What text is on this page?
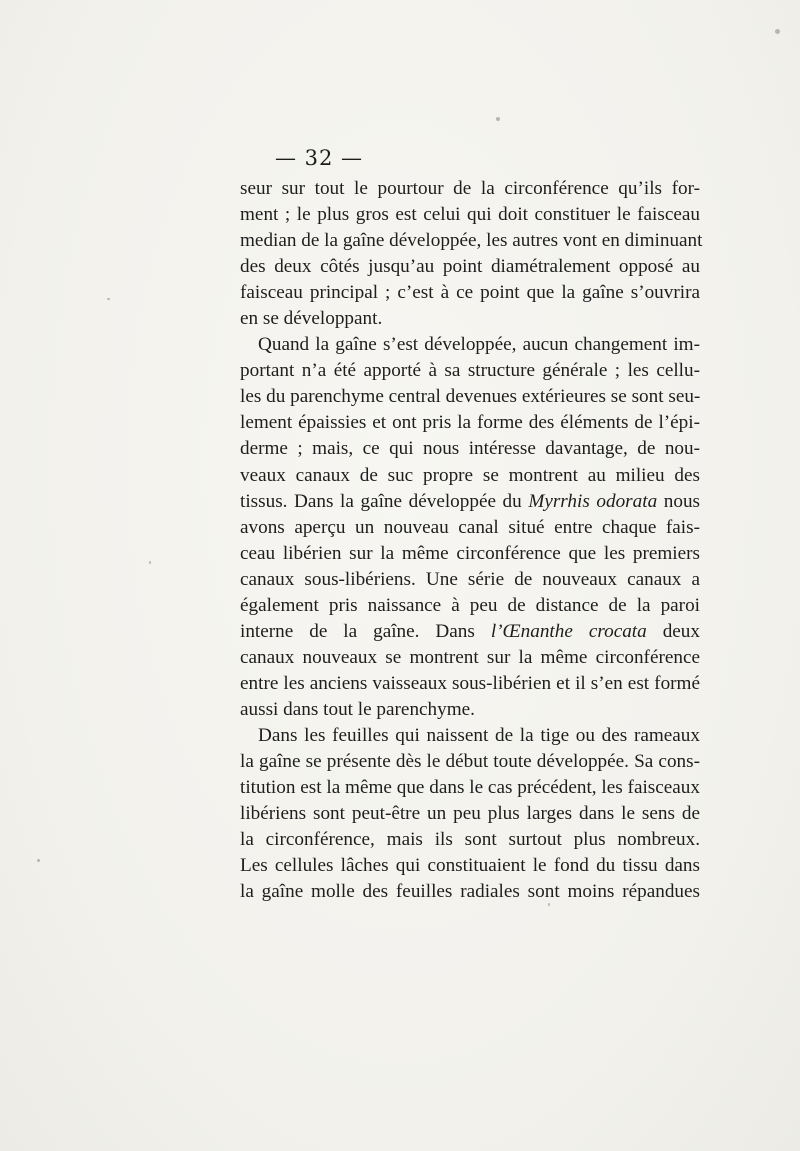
— 32 —
seur sur tout le pourtour de la circonférence qu’ils for-
ment ; le plus gros est celui qui doit constituer le faisceau
median de la gaîne développée, les autres vont en diminuant
des deux côtés jusqu’au point diamétralement opposé au
faisceau principal ; c’est à ce point que la gaîne s’ouvrira
en se développant.
Quand la gaîne s’est développée, aucun changement im-
portant n’a été apporté à sa structure générale ; les cellu-
les du parenchyme central devenues extérieures se sont seu-
lement épaissies et ont pris la forme des éléments de l’épi-
derme ; mais, ce qui nous intéresse davantage, de nou-
veaux canaux de suc propre se montrent au milieu des
tissus. Dans la gaîne développée du Myrrhis odorata nous
avons aperçu un nouveau canal situé entre chaque fais-
ceau libérien sur la même circonférence que les premiers
canaux sous-libériens. Une série de nouveaux canaux a
également pris naissance à peu de distance de la paroi
interne de la gaîne. Dans l’Œnanthe crocata deux
canaux nouveaux se montrent sur la même circonférence
entre les anciens vaisseaux sous-libérien et il s’en est formé
aussi dans tout le parenchyme.
Dans les feuilles qui naissent de la tige ou des rameaux
la gaîne se présente dès le début toute développée. Sa cons-
titution est la même que dans le cas précédent, les faisceaux
libériens sont peut-être un peu plus larges dans le sens de
la circonférence, mais ils sont surtout plus nombreux.
Les cellules lâches qui constituaient le fond du tissu dans
la gaîne molle des feuilles radiales sont moins répandues
